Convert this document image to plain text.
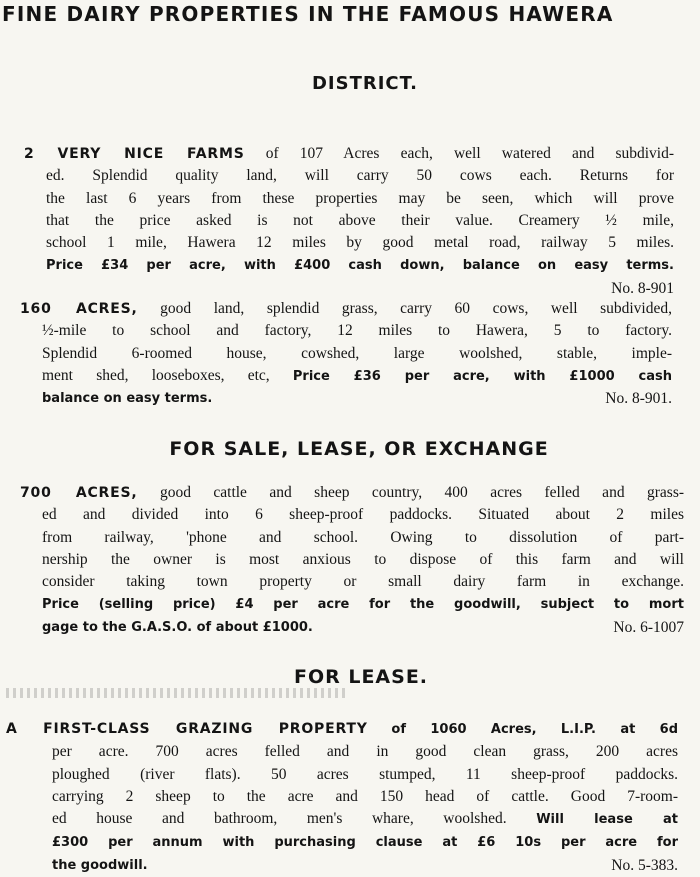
FINE DAIRY PROPERTIES IN THE FAMOUS HAWERA
DISTRICT.
2 VERY NICE FARMS of 107 Acres each, well watered and subdivid-
ed. Splendid quality land, will carry 50 cows each. Returns for
the last 6 years from these properties may be seen, which will prove
that the price asked is not above their value. Creamery ½ mile,
school 1 mile, Hawera 12 miles by good metal road, railway 5 miles.
Price £34 per acre, with £400 cash down, balance on easy terms.
No. 8-901
160 ACRES, good land, splendid grass, carry 60 cows, well subdivided,
½-mile to school and factory, 12 miles to Hawera, 5 to factory.
Splendid 6-roomed house, cowshed, large woolshed, stable, imple-
ment shed, looseboxes, etc, Price £36 per acre, with £1000 cash
balance on easy terms.	No. 8-901.
FOR SALE, LEASE, OR EXCHANGE
700 ACRES, good cattle and sheep country, 400 acres felled and grass-
ed and divided into 6 sheep-proof paddocks. Situated about 2 miles
from railway, 'phone and school. Owing to dissolution of part-
nership the owner is most anxious to dispose of this farm and will
consider taking town property or small dairy farm in exchange.
Price (selling price) £4 per acre for the goodwill, subject to mort
gage to the G.A.S.O. of about £1000.	No. 6-1007
FOR LEASE.
A FIRST-CLASS GRAZING PROPERTY of 1060 Acres, L.I.P. at 6d
per acre. 700 acres felled and in good clean grass, 200 acres
ploughed (river flats). 50 acres stumped, 11 sheep-proof paddocks.
carrying 2 sheep to the acre and 150 head of cattle. Good 7-room-
ed house and bathroom, men's whare, woolshed. Will lease at
£300 per annum with purchasing clause at £6 10s per acre for
the goodwill.	No. 5-383.
